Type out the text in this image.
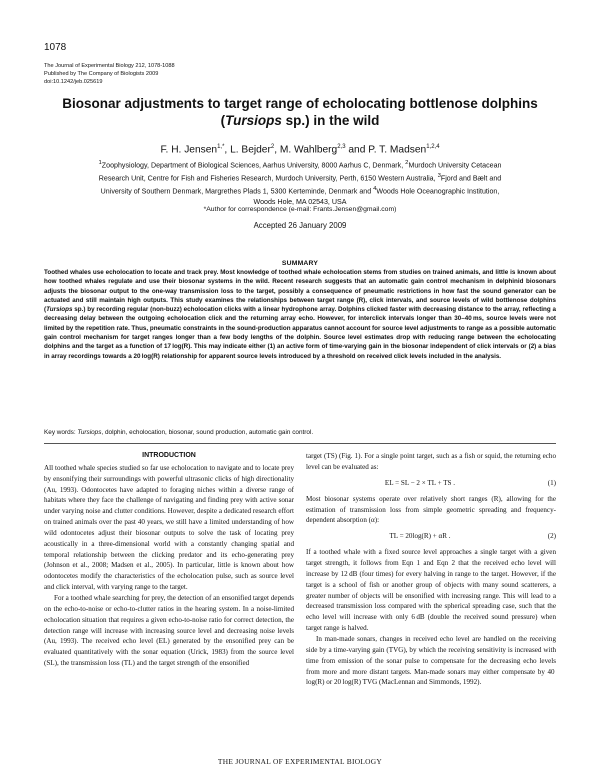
1078
The Journal of Experimental Biology 212, 1078-1088
Published by The Company of Biologists 2009
doi:10.1242/jeb.025619
Biosonar adjustments to target range of echolocating bottlenose dolphins
(Tursiops sp.) in the wild
F. H. Jensen$^{1,*}$, L. Bejder$^2$, M. Wahlberg$^{2,3}$ and P. T. Madsen$^{1,2,4}$
$^1$Zoophysiology, Department of Biological Sciences, Aarhus University, 8000 Aarhus C, Denmark, $^2$Murdoch University Cetacean
Research Unit, Centre for Fish and Fisheries Research, Murdoch University, Perth, 6150 Western Australia, $^3$Fjord and Bælt and
University of Southern Denmark, Margrethes Plads 1, 5300 Kerteminde, Denmark and $^4$Woods Hole Oceanographic Institution,
Woods Hole, MA 02543, USA
*Author for correspondence (e-mail: Frants.Jensen@gmail.com)
Accepted 26 January 2009
SUMMARY
Toothed whales use echolocation to locate and track prey. Most knowledge of toothed whale echolocation stems from studies on trained animals, and little is known about how toothed whales regulate and use their biosonar systems in the wild. Recent research suggests that an automatic gain control mechanism in delphinid biosonars adjusts the biosonar output to the one-way transmission loss to the target, possibly a consequence of pneumatic restrictions in how fast the sound generator can be actuated and still maintain high outputs. This study examines the relationships between target range (R), click intervals, and source levels of wild bottlenose dolphins (Tursiops sp.) by recording regular (non-buzz) echolocation clicks with a linear hydrophone array. Dolphins clicked faster with decreasing distance to the array, reflecting a decreasing delay between the outgoing echolocation click and the returning array echo. However, for interclick intervals longer than 30–40 ms, source levels were not limited by the repetition rate. Thus, pneumatic constraints in the sound-production apparatus cannot account for source level adjustments to range as a possible automatic gain control mechanism for target ranges longer than a few body lengths of the dolphin. Source level estimates drop with reducing range between the echolocating dolphins and the target as a function of 17 log(R). This may indicate either (1) an active form of time-varying gain in the biosonar independent of click intervals or (2) a bias in array recordings towards a 20 log(R) relationship for apparent source levels introduced by a threshold on received click levels included in the analysis.
Key words: Tursiops, dolphin, echolocation, biosonar, sound production, automatic gain control.
INTRODUCTION

All toothed whale species studied so far use echolocation to navigate and to locate prey by ensonifying their surroundings with powerful ultrasonic clicks of high directionality (Au, 1993). Odontocetes have adapted to foraging niches within a diverse range of habitats where they face the challenge of navigating and finding prey with active sonar under varying noise and clutter conditions. However, despite a dedicated research effort on trained animals over the past 40 years, we still have a limited understanding of how wild odontocetes adjust their biosonar outputs to solve the task of locating prey acoustically in a three-dimensional world with a constantly changing spatial and temporal relationship between the clicking predator and its echo-generating prey (Johnson et al., 2008; Madsen et al., 2005). In particular, little is known about how odontocetes modify the characteristics of the echolocation pulse, such as source level and click interval, with varying range to the target.

For a toothed whale searching for prey, the detection of an ensonified target depends on the echo-to-noise or echo-to-clutter ratios in the hearing system. In a noise-limited echolocation situation that requires a given echo-to-noise ratio for correct detection, the detection range will increase with increasing source level and decreasing noise levels (Au, 1993). The received echo level (EL) generated by the ensonified prey can be evaluated quantitatively with the sonar equation (Urick, 1983) from the source level (SL), the transmission loss (TL) and the target strength of the ensonified

target (TS) (Fig. 1). For a single point target, such as a fish or squid, the returning echo level can be evaluated as:

EL = SL − 2 × TL + TS .	(1)

Most biosonar systems operate over relatively short ranges (R), allowing for the estimation of transmission loss from simple geometric spreading and frequency-dependent absorption (α):

TL = 20log(R) + αR .	(2)

If a toothed whale with a fixed source level approaches a single target with a given target strength, it follows from Eqn 1 and Eqn 2 that the received echo level will increase by 12 dB (four times) for every halving in range to the target. However, if the target is a school of fish or another group of objects with many sound scatterers, a greater number of objects will be ensonified with increasing range. This will lead to a decreased transmission loss compared with the spherical spreading case, such that the echo level will increase with only 6 dB (double the received sound pressure) when target range is halved.

In man-made sonars, changes in received echo level are handled on the receiving side by a time-varying gain (TVG), by which the receiving sensitivity is increased with time from emission of the sonar pulse to compensate for the decreasing echo levels from more and more distant targets. Man-made sonars may either compensate by 40 log(R) or 20 log(R) TVG (MacLennan and Simmonds, 1992).

THE JOURNAL OF EXPERIMENTAL BIOLOGY
